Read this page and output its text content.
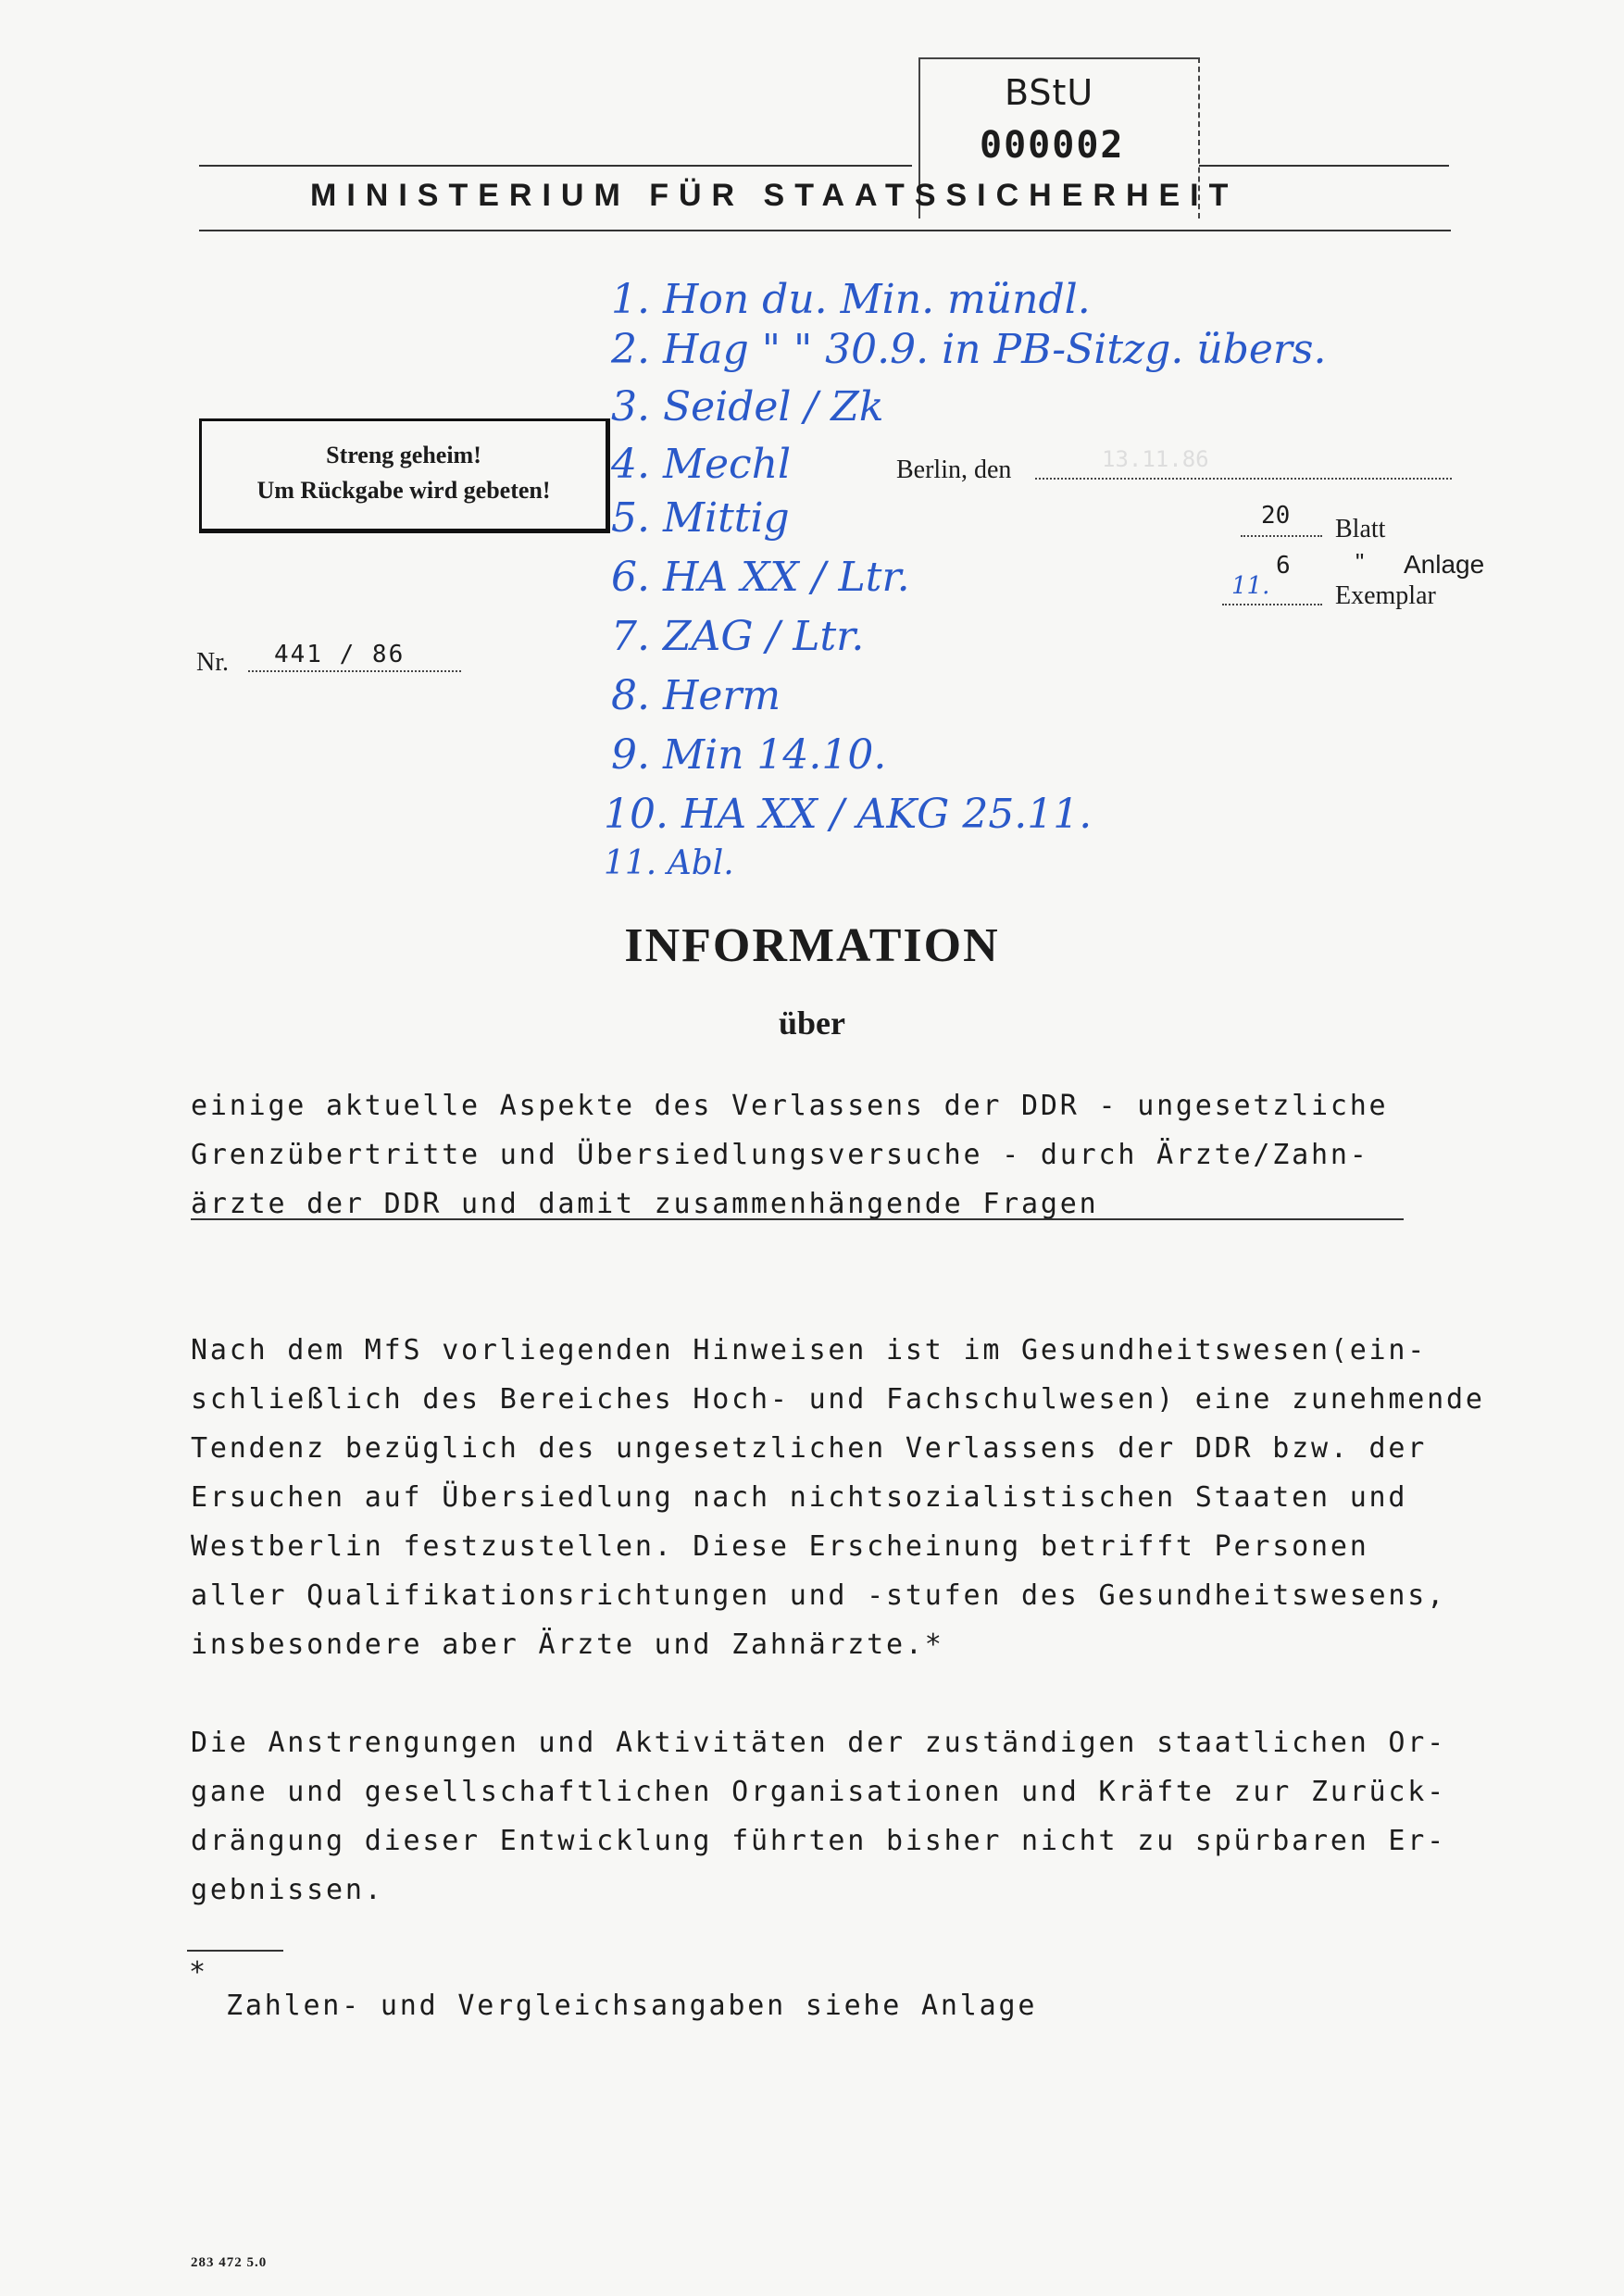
BStU
000002
MINISTERIUM FÜR STAATSSICHERHEIT
Streng geheim!
Um Rückgabe wird gebeten!
1. Hon du. Min. mündl.
2. Hag " " 30.9. in PB-Sitzg. übers.
3. Seidel / Zk
4. Mechl
5. Mittig
6. HA XX / Ltr.
7. ZAG / Ltr.
8. Herm
9. Min 14.10.
10. HA XX / AKG 25.11.
11. Abl.
Berlin, den	13.11.86
20 Blatt
6	" Anlage
11.	Exemplar
Nr. 441 / 86
INFORMATION
über
einige aktuelle Aspekte des Verlassens der DDR - ungesetzliche
Grenzübertritte und Übersiedlungsversuche - durch Ärzte/Zahn-
ärzte der DDR und damit zusammenhängende Fragen
Nach dem MfS vorliegenden Hinweisen ist im Gesundheitswesen(ein-
schließlich des Bereiches Hoch- und Fachschulwesen) eine zunehmende
Tendenz bezüglich des ungesetzlichen Verlassens der DDR bzw. der
Ersuchen auf Übersiedlung nach nichtsozialistischen Staaten und
Westberlin festzustellen. Diese Erscheinung betrifft Personen
aller Qualifikationsrichtungen und -stufen des Gesundheitswesens,
insbesondere aber Ärzte und Zahnärzte.*
Die Anstrengungen und Aktivitäten der zuständigen staatlichen Or-
gane und gesellschaftlichen Organisationen und Kräfte zur Zurück-
drängung dieser Entwicklung führten bisher nicht zu spürbaren Er-
gebnissen.
*
Zahlen- und Vergleichsangaben siehe Anlage
283 472 5.0
